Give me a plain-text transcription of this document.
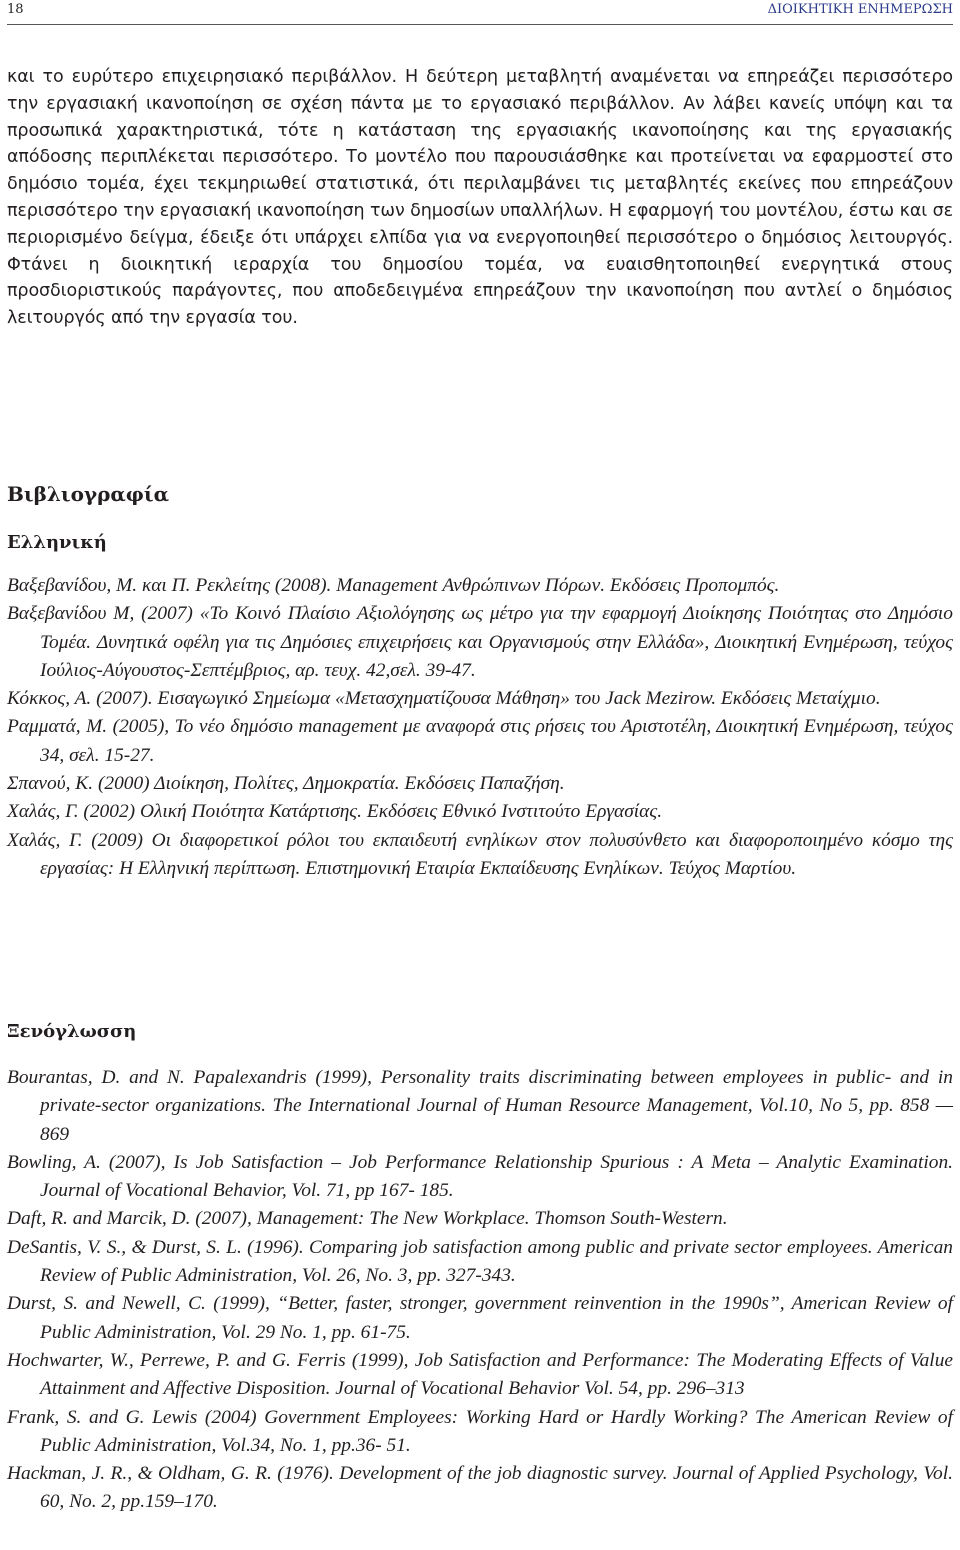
18	ΔΙΟΙΚΗΤΙΚΗ ΕΝΗΜΕΡΩΣΗ

και το ευρύτερο επιχειρησιακό περιβάλλον. Η δεύτερη μεταβλητή αναμένεται να επηρεάζει περισσότερο την εργασιακή ικανοποίηση σε σχέση πάντα με το εργασιακό περιβάλλον. Αν λάβει κανείς υπόψη και τα προσωπικά χαρακτηριστικά, τότε η κατάσταση της εργασιακής ικανοποίησης και της εργασιακής απόδοσης περιπλέκεται περισσότερο. Το μοντέλο που παρουσιάσθηκε και προτείνεται να εφαρμοστεί στο δημόσιο τομέα, έχει τεκμηριωθεί στατιστικά, ότι περιλαμβάνει τις μεταβλητές εκείνες που επηρεάζουν περισσότερο την εργασιακή ικανοποίηση των δημοσίων υπαλλήλων. Η εφαρμογή του μοντέλου, έστω και σε περιορισμένο δείγμα, έδειξε ότι υπάρχει ελπίδα για να ενεργοποιηθεί περισσότερο ο δημόσιος λειτουργός. Φτάνει η διοικητική ιεραρχία του δημοσίου τομέα, να ευαισθητοποιηθεί ενεργητικά στους προσδιοριστικούς παράγοντες, που αποδεδειγμένα επηρεάζουν την ικανοποίηση που αντλεί ο δημόσιος λειτουργός από την εργασία του.

Βιβλιογραφία
Ελληνική
Βαξεβανίδου, Μ. και Π. Ρεκλείτης (2008). Management Ανθρώπινων Πόρων. Εκδόσεις Προπομπός.
Βαξεβανίδου Μ, (2007) «Το Κοινό Πλαίσιο Αξιολόγησης ως μέτρο για την εφαρμογή Διοίκησης Ποιότητας στο Δημόσιο Τομέα. Δυνητικά οφέλη για τις Δημόσιες επιχειρήσεις και Οργανισμούς στην Ελλάδα», Διοικητική Ενημέρωση, τεύχος Ιούλιος-Αύγουστος-Σεπτέμβριος, αρ. τευχ. 42,σελ. 39-47.
Κόκκος, Α. (2007). Εισαγωγικό Σημείωμα «Μετασχηματίζουσα Μάθηση» του Jack Mezirow. Εκδόσεις Μεταίχμιο.
Ραμματά, Μ. (2005), Το νέο δημόσιο management με αναφορά στις ρήσεις του Αριστοτέλη, Διοικητική Ενημέρωση, τεύχος 34, σελ. 15-27.
Σπανού, Κ. (2000) Διοίκηση, Πολίτες, Δημοκρατία. Εκδόσεις Παπαζήση.
Χαλάς, Γ. (2002) Ολική Ποιότητα Κατάρτισης. Εκδόσεις Εθνικό Ινστιτούτο Εργασίας.
Χαλάς, Γ. (2009) Οι διαφορετικοί ρόλοι του εκπαιδευτή ενηλίκων στον πολυσύνθετο και διαφοροποιημένο κόσμο της εργασίας: Η Ελληνική περίπτωση. Επιστημονική Εταιρία Εκπαίδευσης Ενηλίκων. Τεύχος Μαρτίου.
Ξενόγλωσση
Bourantas, D. and N. Papalexandris (1999), Personality traits discriminating between employees in public- and in private-sector organizations. The International Journal of Human Resource Management, Vol.10, No 5, pp. 858 — 869
Bowling, A. (2007), Is Job Satisfaction – Job Performance Relationship Spurious : A Meta – Analytic Examination. Journal of Vocational Behavior, Vol. 71, pp 167- 185.
Daft, R. and Marcik, D. (2007), Management: The New Workplace. Thomson South-Western.
DeSantis, V. S., & Durst, S. L. (1996). Comparing job satisfaction among public and private sector employees. American Review of Public Administration, Vol. 26, No. 3, pp. 327-343.
Durst, S. and Newell, C. (1999), “Better, faster, stronger, government reinvention in the 1990s”, American Review of Public Administration, Vol. 29 No. 1, pp. 61-75.
Hochwarter, W., Perrewe, P. and G. Ferris (1999), Job Satisfaction and Performance: The Moderating Effects of Value Attainment and Affective Disposition. Journal of Vocational Behavior Vol. 54, pp. 296–313
Frank, S. and G. Lewis (2004) Government Employees: Working Hard or Hardly Working? The American Review of Public Administration, Vol.34, No. 1, pp.36- 51.
Hackman, J. R., & Oldham, G. R. (1976). Development of the job diagnostic survey. Journal of Applied Psychology, Vol. 60, No. 2, pp.159–170.
